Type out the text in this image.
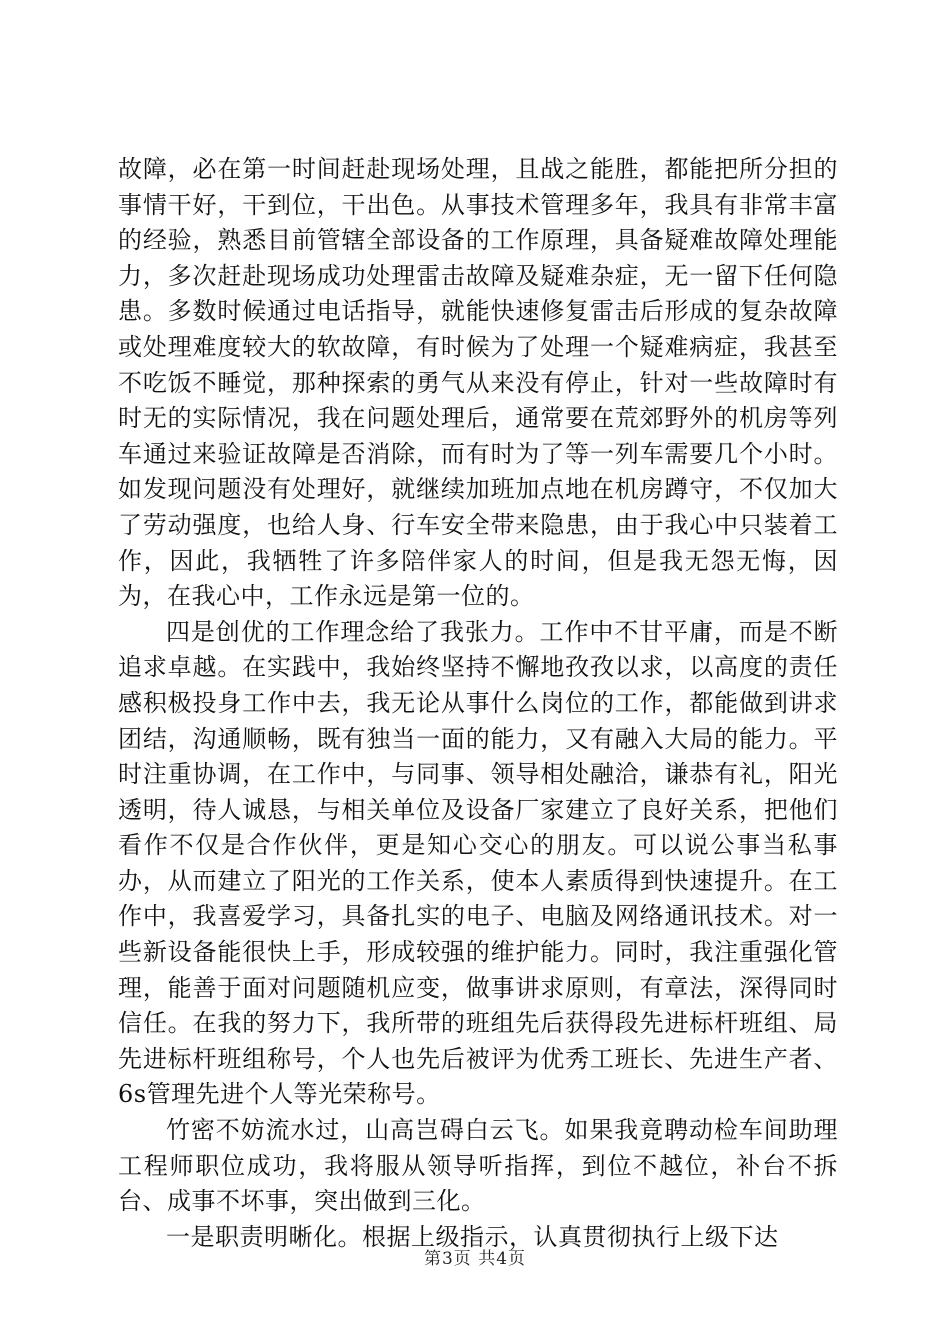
故障，必在第一时间赶赴现场处理，且战之能胜，都能把所分担的事情干好，干到位，干出色。从事技术管理多年，我具有非常丰富的经验，熟悉目前管辖全部设备的工作原理，具备疑难故障处理能力，多次赶赴现场成功处理雷击故障及疑难杂症，无一留下任何隐患。多数时候通过电话指导，就能快速修复雷击后形成的复杂故障或处理难度较大的软故障，有时候为了处理一个疑难病症，我甚至不吃饭不睡觉，那种探索的勇气从来没有停止，针对一些故障时有时无的实际情况，我在问题处理后，通常要在荒郊野外的机房等列车通过来验证故障是否消除，而有时为了等一列车需要几个小时。如发现问题没有处理好，就继续加班加点地在机房蹲守，不仅加大了劳动强度，也给人身、行车安全带来隐患，由于我心中只装着工作，因此，我牺牲了许多陪伴家人的时间，但是我无怨无悔，因为，在我心中，工作永远是第一位的。

四是创优的工作理念给了我张力。工作中不甘平庸，而是不断追求卓越。在实践中，我始终坚持不懈地孜孜以求，以高度的责任感积极投身工作中去，我无论从事什么岗位的工作，都能做到讲求团结，沟通顺畅，既有独当一面的能力，又有融入大局的能力。平时注重协调，在工作中，与同事、领导相处融洽，谦恭有礼，阳光透明，待人诚恳，与相关单位及设备厂家建立了良好关系，把他们看作不仅是合作伙伴，更是知心交心的朋友。可以说公事当私事办，从而建立了阳光的工作关系，使本人素质得到快速提升。在工作中，我喜爱学习，具备扎实的电子、电脑及网络通讯技术。对一些新设备能很快上手，形成较强的维护能力。同时，我注重强化管理，能善于面对问题随机应变，做事讲求原则，有章法，深得同时信任。在我的努力下，我所带的班组先后获得段先进标杆班组、局先进标杆班组称号，个人也先后被评为优秀工班长、先进生产者、6s管理先进个人等光荣称号。

竹密不妨流水过，山高岂碍白云飞。如果我竟聘动检车间助理工程师职位成功，我将服从领导听指挥，到位不越位，补台不拆台、成事不坏事，突出做到三化。

一是职责明晰化。根据上级指示，认真贯彻执行上级下达

第3页 共4页
